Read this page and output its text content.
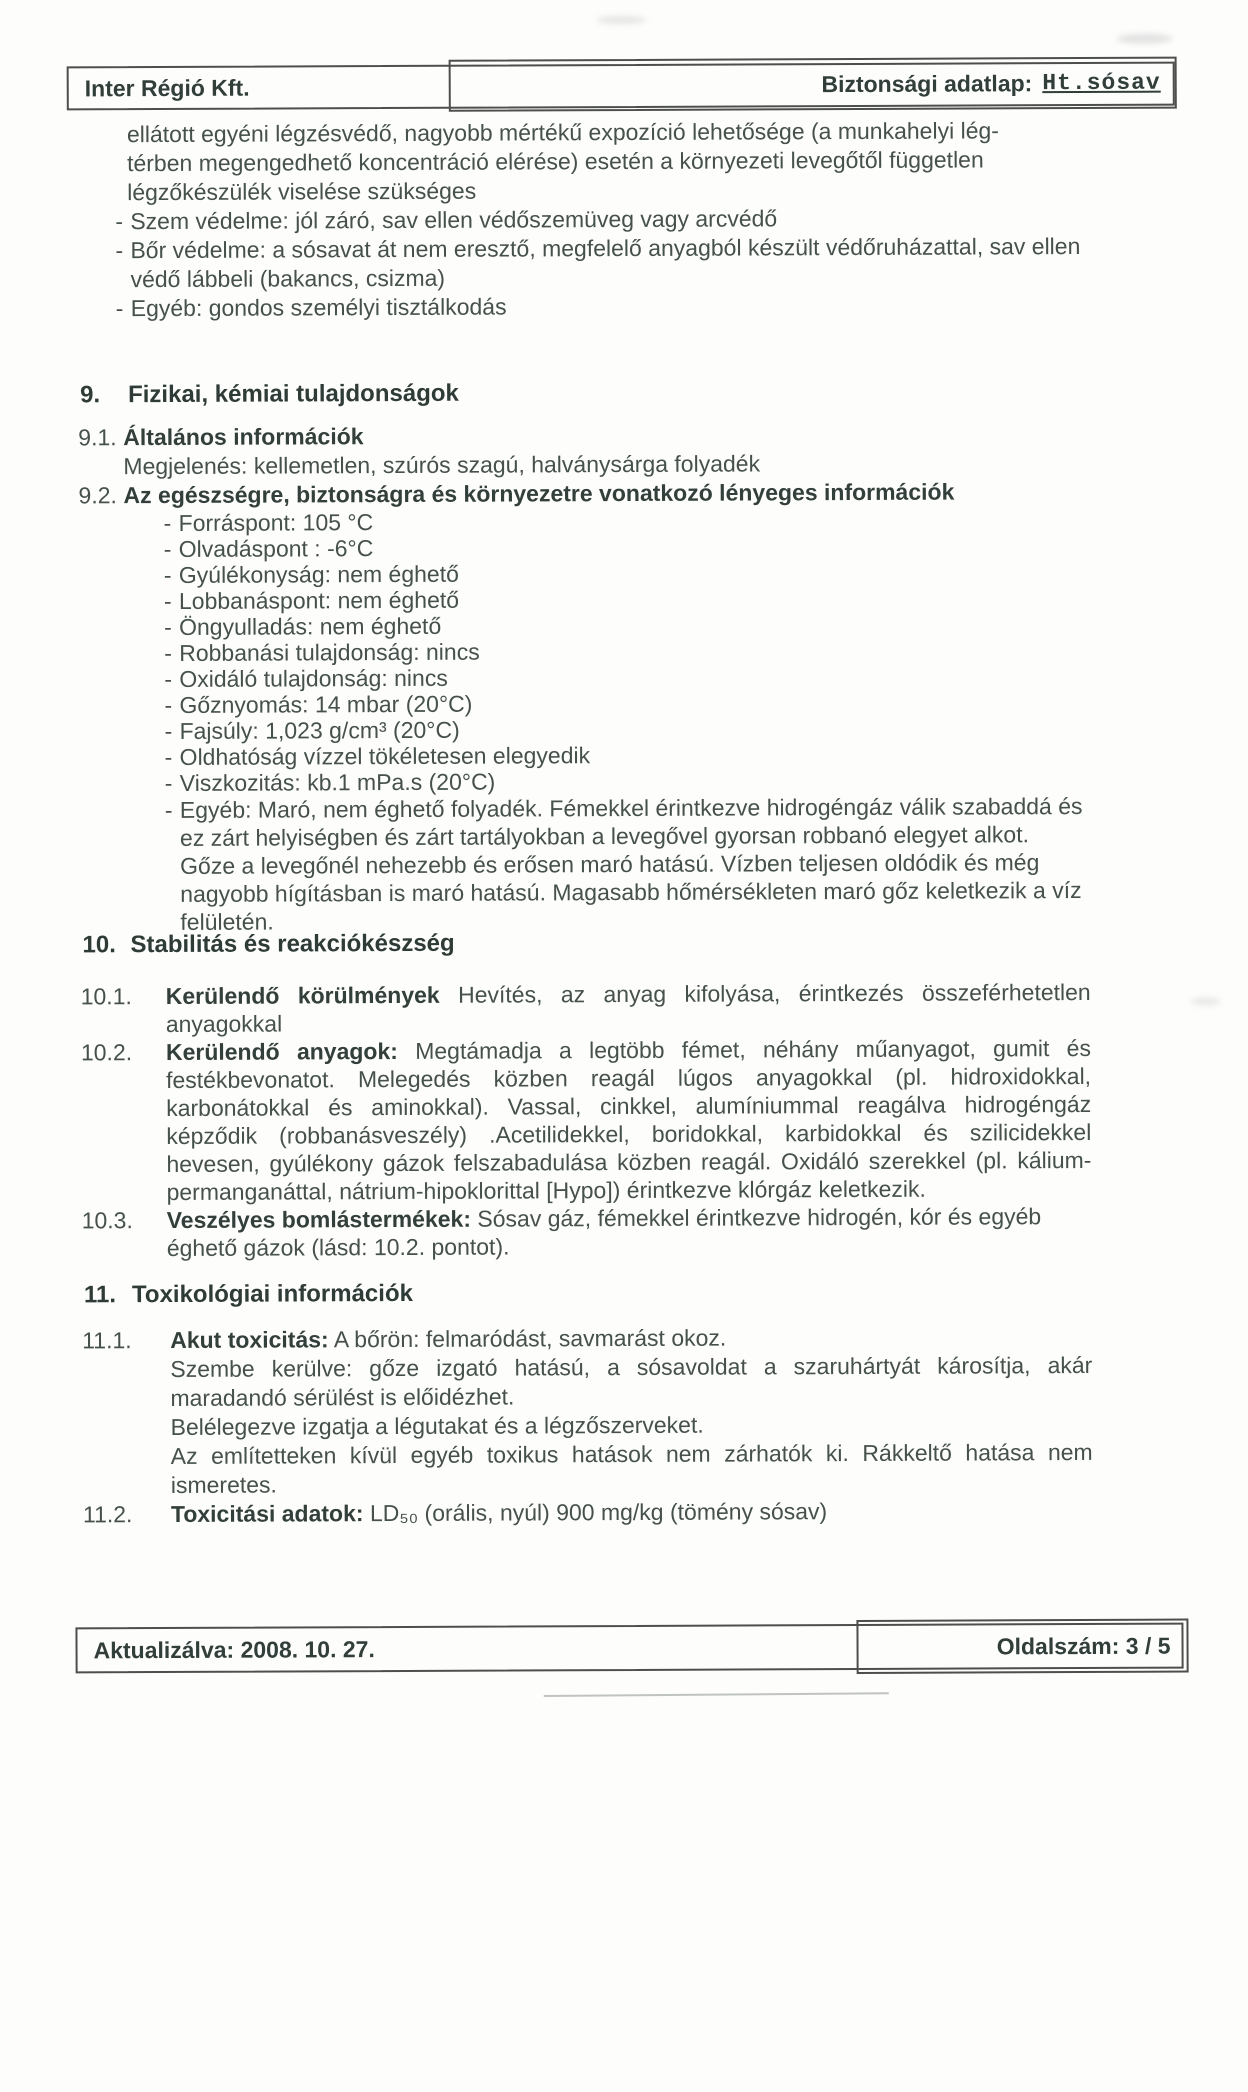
Inter Régió Kft.	Biztonsági adatlap: Ht.sósav
ellátott egyéni légzésvédő, nagyobb mértékű expozíció lehetősége (a munkahelyi lég-
térben megengedhető koncentráció elérése) esetén a környezeti levegőtől független
légzőkészülék viselése szükséges
- Szem védelme: jól záró, sav ellen védőszemüveg vagy arcvédő
- Bőr védelme: a sósavat át nem eresztő, megfelelő anyagból készült védőruházattal, sav ellen védő lábbeli (bakancs, csizma)
- Egyéb: gondos személyi tisztálkodás
9. Fizikai, kémiai tulajdonságok
9.1. Általános információk
Megjelenés: kellemetlen, szúrós szagú, halványsárga folyadék
9.2. Az egészségre, biztonságra és környezetre vonatkozó lényeges információk
- Forráspont: 105 °C
- Olvadáspont : -6°C
- Gyúlékonyság: nem éghető
- Lobbanáspont: nem éghető
- Öngyulladás: nem éghető
- Robbanási tulajdonság: nincs
- Oxidáló tulajdonság: nincs
- Gőznyomás: 14 mbar (20°C)
- Fajsúly: 1,023 g/cm³ (20°C)
- Oldhatóság vízzel tökéletesen elegyedik
- Viszkozitás: kb.1 mPa.s (20°C)
- Egyéb: Maró, nem éghető folyadék. Fémekkel érintkezve hidrogéngáz válik szabaddá és ez zárt helyiségben és zárt tartályokban a levegővel gyorsan robbanó elegyet alkot. Gőze a levegőnél nehezebb és erősen maró hatású. Vízben teljesen oldódik és még nagyobb hígításban is maró hatású. Magasabb hőmérsékleten maró gőz keletkezik a víz felületén.
10. Stabilitás és reakciókészség
10.1. Kerülendő körülmények Hevítés, az anyag kifolyása, érintkezés összeférhetetlen anyagokkal
10.2. Kerülendő anyagok: Megtámadja a legtöbb fémet, néhány műanyagot, gumit és festékbevonatot. Melegedés közben reagál lúgos anyagokkal (pl. hidroxidokkal, karbonátokkal és aminokkal). Vassal, cinkkel, alumíniummal reagálva hidrogéngáz képződik (robbanásveszély) .Acetilidekkel, boridokkal, karbidokkal és szilicidekkel hevesen, gyúlékony gázok felszabadulása közben reagál. Oxidáló szerekkel (pl. kálium-permanganáttal, nátrium-hipoklorittal [Hypo]) érintkezve klórgáz keletkezik.
10.3. Veszélyes bomlástermékek: Sósav gáz, fémekkel érintkezve hidrogén, kór és egyéb éghető gázok (lásd: 10.2. pontot).
11. Toxikológiai információk
11.1. Akut toxicitás: A bőrön: felmaródást, savmarást okoz.
Szembe kerülve: gőze izgató hatású, a sósavoldat a szaruhártyát károsítja, akár maradandó sérülést is előidézhet.
Belélegezve izgatja a légutakat és a légzőszerveket.
Az említetteken kívül egyéb toxikus hatások nem zárhatók ki. Rákkeltő hatása nem ismeretes.
11.2. Toxicitási adatok: LD₅₀ (orális, nyúl) 900 mg/kg (tömény sósav)
Aktualizálva: 2008. 10. 27.	Oldalszám: 3 / 5
